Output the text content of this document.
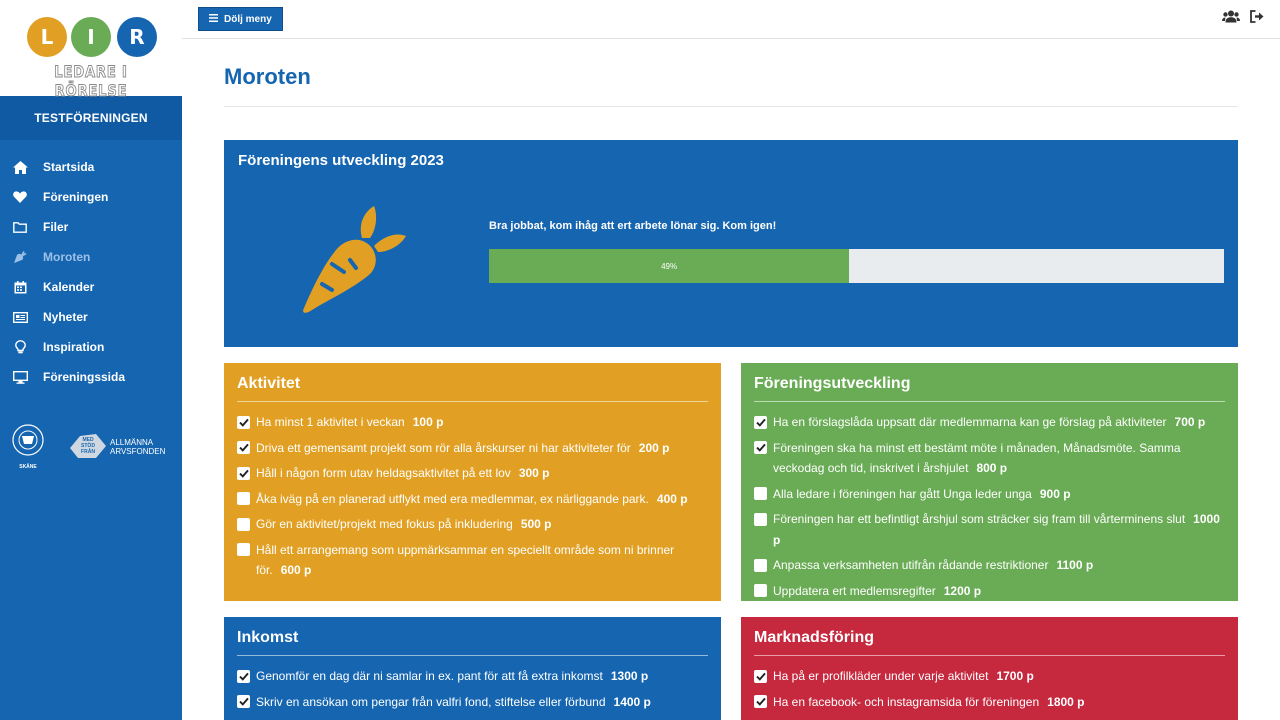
L	I	R
LEDARE I RÖRELSE
TESTFÖRENINGEN
Startsida
Föreningen
Filer
Moroten
Kalender
Nyheter
Inspiration
Föreningssida
SKÅNE
MED
STÖD
FRÅN
ALLMÄNNA
ARVSFONDEN
Dölj meny
Moroten
Föreningens utveckling 2023
Bra jobbat, kom ihåg att ert arbete lönar sig. Kom igen!
49%
Aktivitet
Ha minst 1 aktivitet i veckan 100 p
Driva ett gemensamt projekt som rör alla årskurser ni har aktiviteter för 200 p
Håll i någon form utav heldagsaktivitet på ett lov 300 p
Åka iväg på en planerad utflykt med era medlemmar, ex närliggande park. 400 p
Gör en aktivitet/projekt med fokus på inkludering 500 p
Håll ett arrangemang som uppmärksammar en speciellt område som ni brinner för. 600 p
Föreningsutveckling
Ha en förslagslåda uppsatt där medlemmarna kan ge förslag på aktiviteter 700 p
Föreningen ska ha minst ett bestämt möte i månaden, Månadsmöte. Samma veckodag och tid, inskrivet i årshjulet 800 p
Alla ledare i föreningen har gått Unga leder unga 900 p
Föreningen har ett befintligt årshjul som sträcker sig fram till vårterminens slut 1000 p
Anpassa verksamheten utifrån rådande restriktioner 1100 p
Uppdatera ert medlemsregifter 1200 p
Inkomst
Genomför en dag där ni samlar in ex. pant för att få extra inkomst 1300 p
Skriv en ansökan om pengar från valfri fond, stiftelse eller förbund 1400 p
Marknadsföring
Ha på er profilkläder under varje aktivitet 1700 p
Ha en facebook- och instagramsida för föreningen 1800 p
